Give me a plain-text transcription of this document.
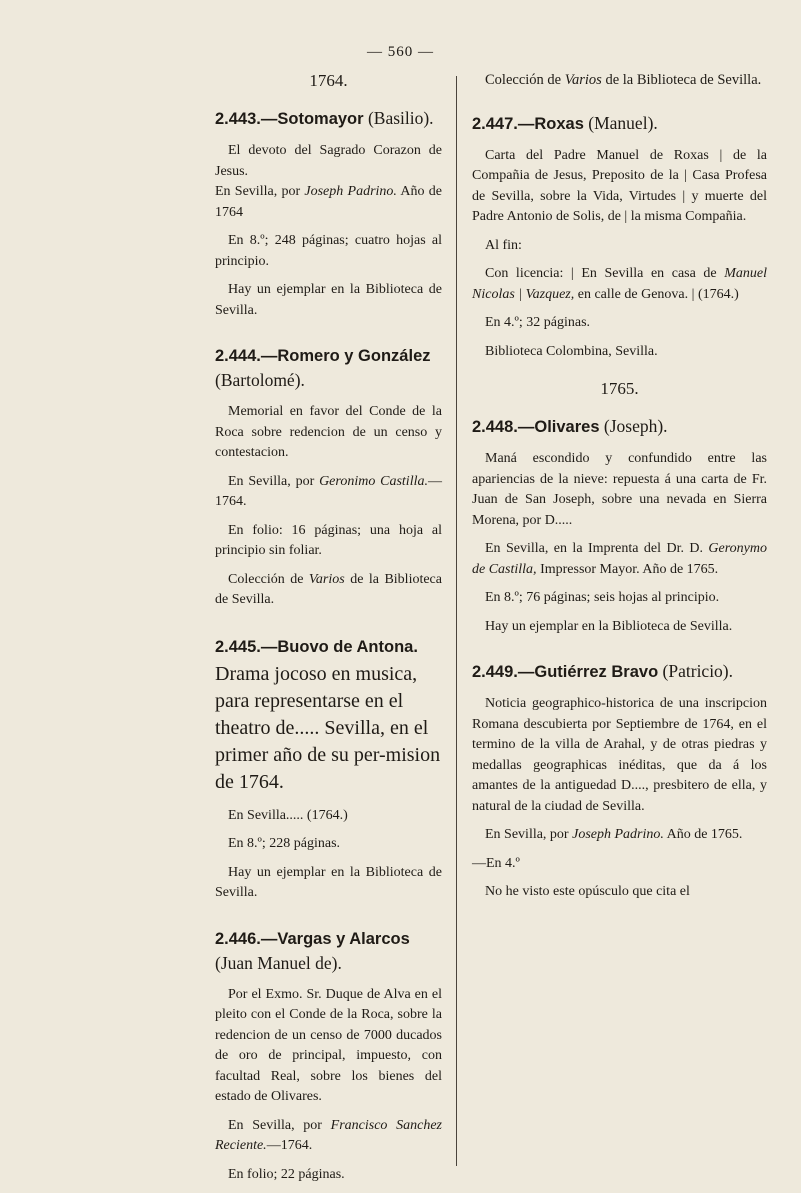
— 560 —
1764.
2.443.—Sotomayor (Basilio).

El devoto del Sagrado Corazon de Jesus.
En Sevilla, por Joseph Padrino. Año de 1764

En 8.º; 248 páginas; cuatro hojas al principio.

Hay un ejemplar en la Biblioteca de Sevilla.

2.444.—Romero y González (Bartolomé).

Memorial en favor del Conde de la Roca sobre redencion de un censo y contestacion.

En Sevilla, por Geronimo Castilla.—1764.

En folio: 16 páginas; una hoja al principio sin foliar.

Colección de Varios de la Biblioteca de Sevilla.

2.445.—Buovo de Antona. Drama jocoso en musica, para representarse en el theatro de..... Sevilla, en el primer año de su per-mision de 1764.

En Sevilla..... (1764.)

En 8.º; 228 páginas.

Hay un ejemplar en la Biblioteca de Sevilla.

2.446.—Vargas y Alarcos (Juan Manuel de).

Por el Exmo. Sr. Duque de Alva en el pleito con el Conde de la Roca, sobre la redencion de un censo de 7000 ducados de oro de principal, impuesto, con facultad Real, sobre los bienes del estado de Olivares.

En Sevilla, por Francisco Sanchez Reciente.—1764.

En folio; 22 páginas.

Colección de Varios de la Biblioteca de Sevilla.

2.447.—Roxas (Manuel).

Carta del Padre Manuel de Roxas | de la Compañia de Jesus, Preposito de la | Casa Profesa de Sevilla, sobre la Vida, Virtudes | y muerte del Padre Antonio de Solis, de | la misma Compañia.

Al fin:

Con licencia: | En Sevilla en casa de Manuel Nicolas | Vazquez, en calle de Genova. | (1764.)

En 4.º; 32 páginas.

Biblioteca Colombina, Sevilla.

1765.
2.448.—Olivares (Joseph).

Maná escondido y confundido entre las apariencias de la nieve: repuesta á una carta de Fr. Juan de San Joseph, sobre una nevada en Sierra Morena, por D.....

En Sevilla, en la Imprenta del Dr. D. Geronymo de Castilla, Impressor Mayor. Año de 1765.

En 8.º; 76 páginas; seis hojas al principio.

Hay un ejemplar en la Biblioteca de Sevilla.

2.449.—Gutiérrez Bravo (Patricio).

Noticia geographico-historica de una inscripcion Romana descubierta por Septiembre de 1764, en el termino de la villa de Arahal, y de otras piedras y medallas geographicas inéditas, que da á los amantes de la antiguedad D...., presbitero de ella, y natural de la ciudad de Sevilla.

En Sevilla, por Joseph Padrino. Año de 1765.

—En 4.º

No he visto este opúsculo que cita el
